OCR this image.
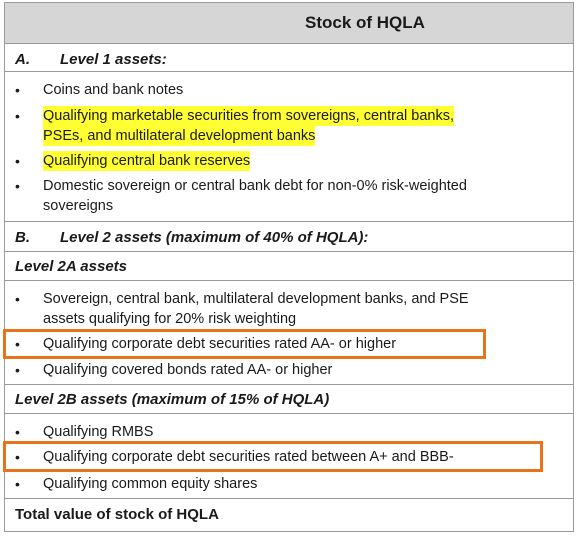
Stock of HQLA
A. Level 1 assets:
• Coins and bank notes
• Qualifying marketable securities from sovereigns, central banks,
PSEs, and multilateral development banks
• Qualifying central bank reserves
• Domestic sovereign or central bank debt for non-0% risk-weighted
sovereigns
B. Level 2 assets (maximum of 40% of HQLA):
Level 2A assets
• Sovereign, central bank, multilateral development banks, and PSE
assets qualifying for 20% risk weighting
• Qualifying corporate debt securities rated AA- or higher
• Qualifying covered bonds rated AA- or higher
Level 2B assets (maximum of 15% of HQLA)
• Qualifying RMBS
• Qualifying corporate debt securities rated between A+ and BBB-
• Qualifying common equity shares
Total value of stock of HQLA
